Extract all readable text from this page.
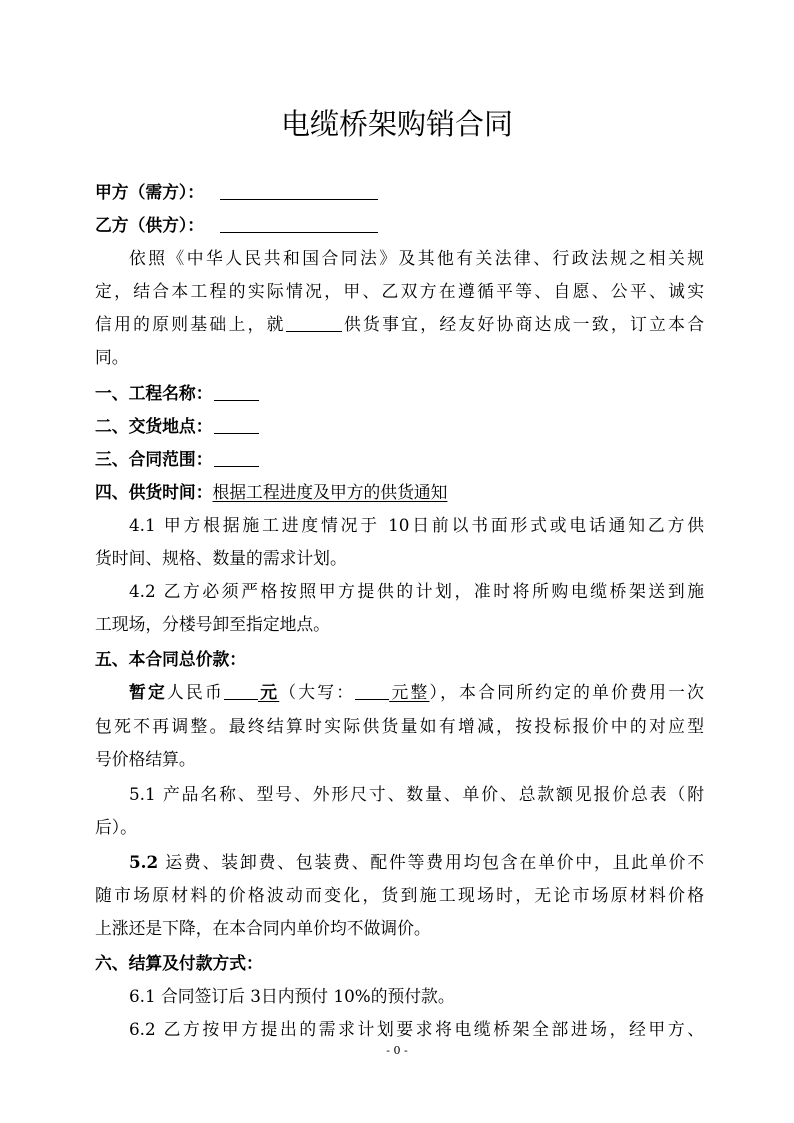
电缆桥架购销合同
甲方（需方）：
乙方（供方）：
依照《中华人民共和国合同法》及其他有关法律、行政法规之相关规
定，结合本工程的实际情况，甲、乙双方在遵循平等、自愿、公平、诚实
信用的原则基础上，就	供货事宜，经友好协商达成一致，订立本合
同。
一、工程名称：
二、交货地点：
三、合同范围：
四、供货时间：根据工程进度及甲方的供货通知
4.1 甲方根据施工进度情况于 10日前以书面形式或电话通知乙方供
货时间、规格、数量的需求计划。
4.2 乙方必须严格按照甲方提供的计划，准时将所购电缆桥架送到施
工现场，分楼号卸至指定地点。
五、本合同总价款：
暂定人民币 元（大写： 元整），本合同所约定的单价费用一次
包死不再调整。最终结算时实际供货量如有增减，按投标报价中的对应型
号价格结算。
5.1 产品名称、型号、外形尺寸、数量、单价、总款额见报价总表（附
后）。
5.2 运费、装卸费、包装费、配件等费用均包含在单价中，且此单价不
随市场原材料的价格波动而变化，货到施工现场时，无论市场原材料价格
上涨还是下降，在本合同内单价均不做调价。
六、结算及付款方式：
6.1 合同签订后 3日内预付 10%的预付款。
6.2 乙方按甲方提出的需求计划要求将电缆桥架全部进场，经甲方、
- 0 -
